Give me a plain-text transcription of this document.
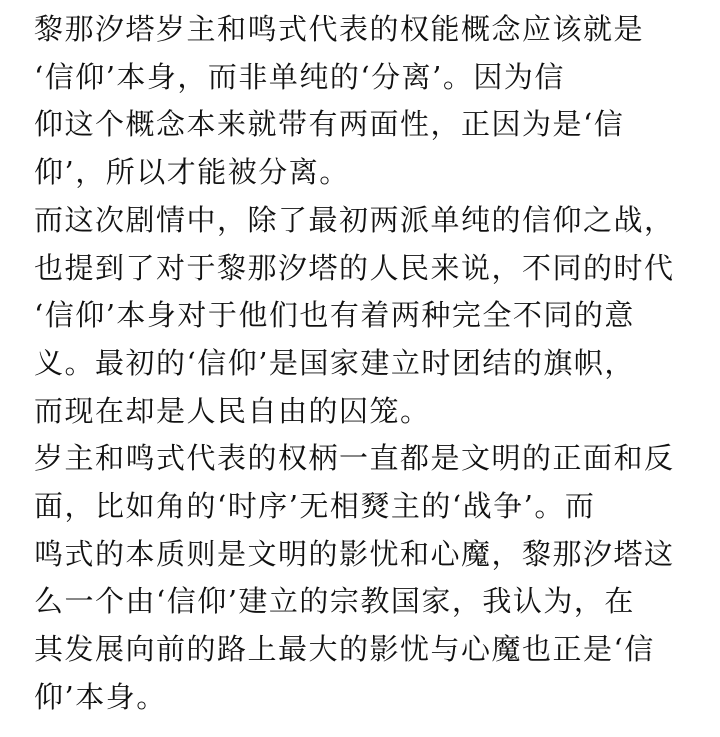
黎那汐塔岁主和鸣式代表的权能概念应该就是
‘信仰’本身，而非单纯的‘分离’。因为信
仰这个概念本来就带有两面性，正因为是‘信
仰’，所以才能被分离。

而这次剧情中，除了最初两派单纯的信仰之战，
也提到了对于黎那汐塔的人民来说，不同的时代
‘信仰’本身对于他们也有着两种完全不同的意
义。最初的‘信仰’是国家建立时团结的旗帜，
而现在却是人民自由的囚笼。

岁主和鸣式代表的权柄一直都是文明的正面和反
面，比如角的‘时序’无相燹主的‘战争’。而
鸣式的本质则是文明的影忧和心魔，黎那汐塔这
么一个由‘信仰’建立的宗教国家，我认为，在
其发展向前的路上最大的影忧与心魔也正是‘信
仰’本身。
